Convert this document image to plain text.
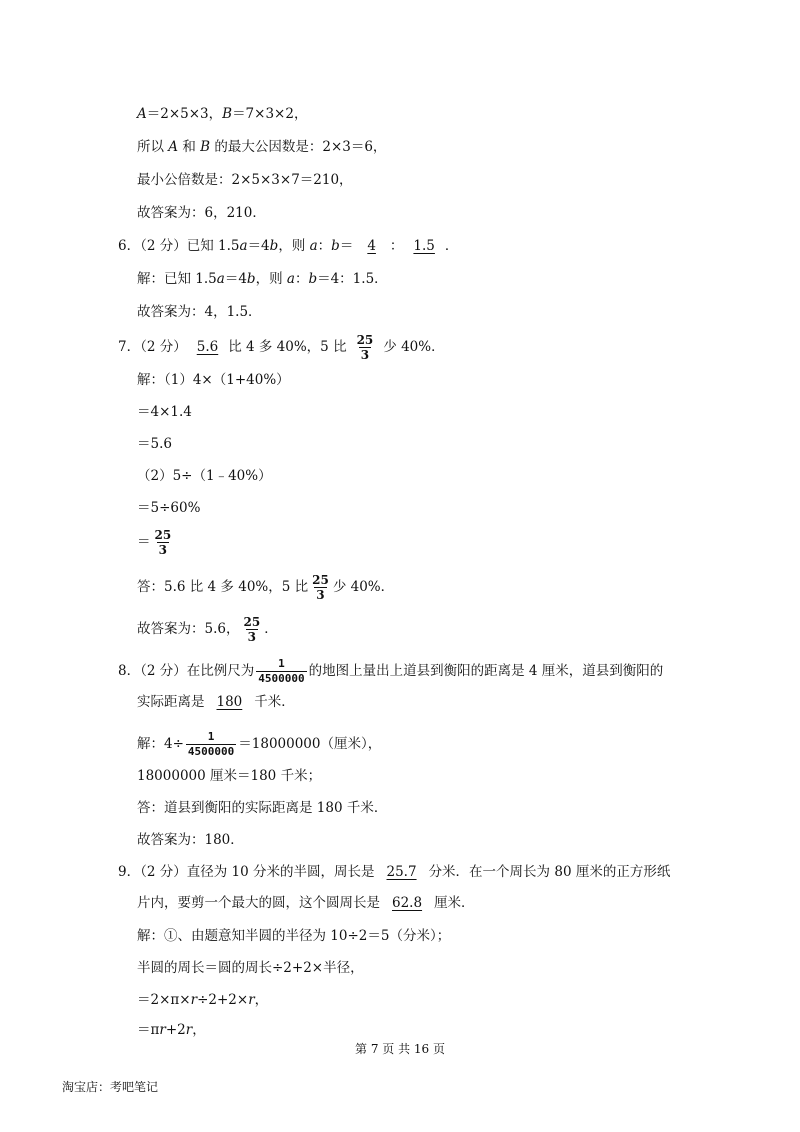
A＝2×5×3，B＝7×3×2，
所以 A 和 B 的最大公因数是：2×3＝6，
最小公倍数是：2×5×3×7＝210，
故答案为：6，210．
6．（2 分）已知 1.5a＝4b，则 a：b＝ 4 ： 1.5 ．
解：已知 1.5a＝4b，则 a：b＝4：1.5．
故答案为：4，1.5．
7．（2 分） 5.6 比 4 多 40%，5 比 $\frac{25}{3}$ 少 40%．
解：（1）4×（1+40%）
＝4×1.4
＝5.6
（2）5÷（1﹣40%）
＝5÷60%
＝ $\frac{25}{3}$
答：5.6 比 4 多 40%，5 比 $\frac{25}{3}$ 少 40%．
故答案为：5.6， $\frac{25}{3}$ ．
8．（2 分）在比例尺为 $\frac{1}{4500000}$ 的地图上量出上道县到衡阳的距离是 4 厘米，道县到衡阳的
实际距离是 180 千米．
解：$4\div \frac{1}{4500000} =18000000$（厘米），
18000000 厘米＝180 千米；
答：道县到衡阳的实际距离是 180 千米．
故答案为：180．
9．（2 分）直径为 10 分米的半圆，周长是 25.7 分米．在一个周长为 80 厘米的正方形纸
片内，要剪一个最大的圆，这个圆周长是 62.8 厘米．
解：①、由题意知半圆的半径为 10÷2＝5（分米）；
半圆的周长＝圆的周长÷2+2×半径，
＝2×π×r÷2+2×r，
＝πr+2r，
第 7 页 共 16 页
淘宝店：考吧笔记
